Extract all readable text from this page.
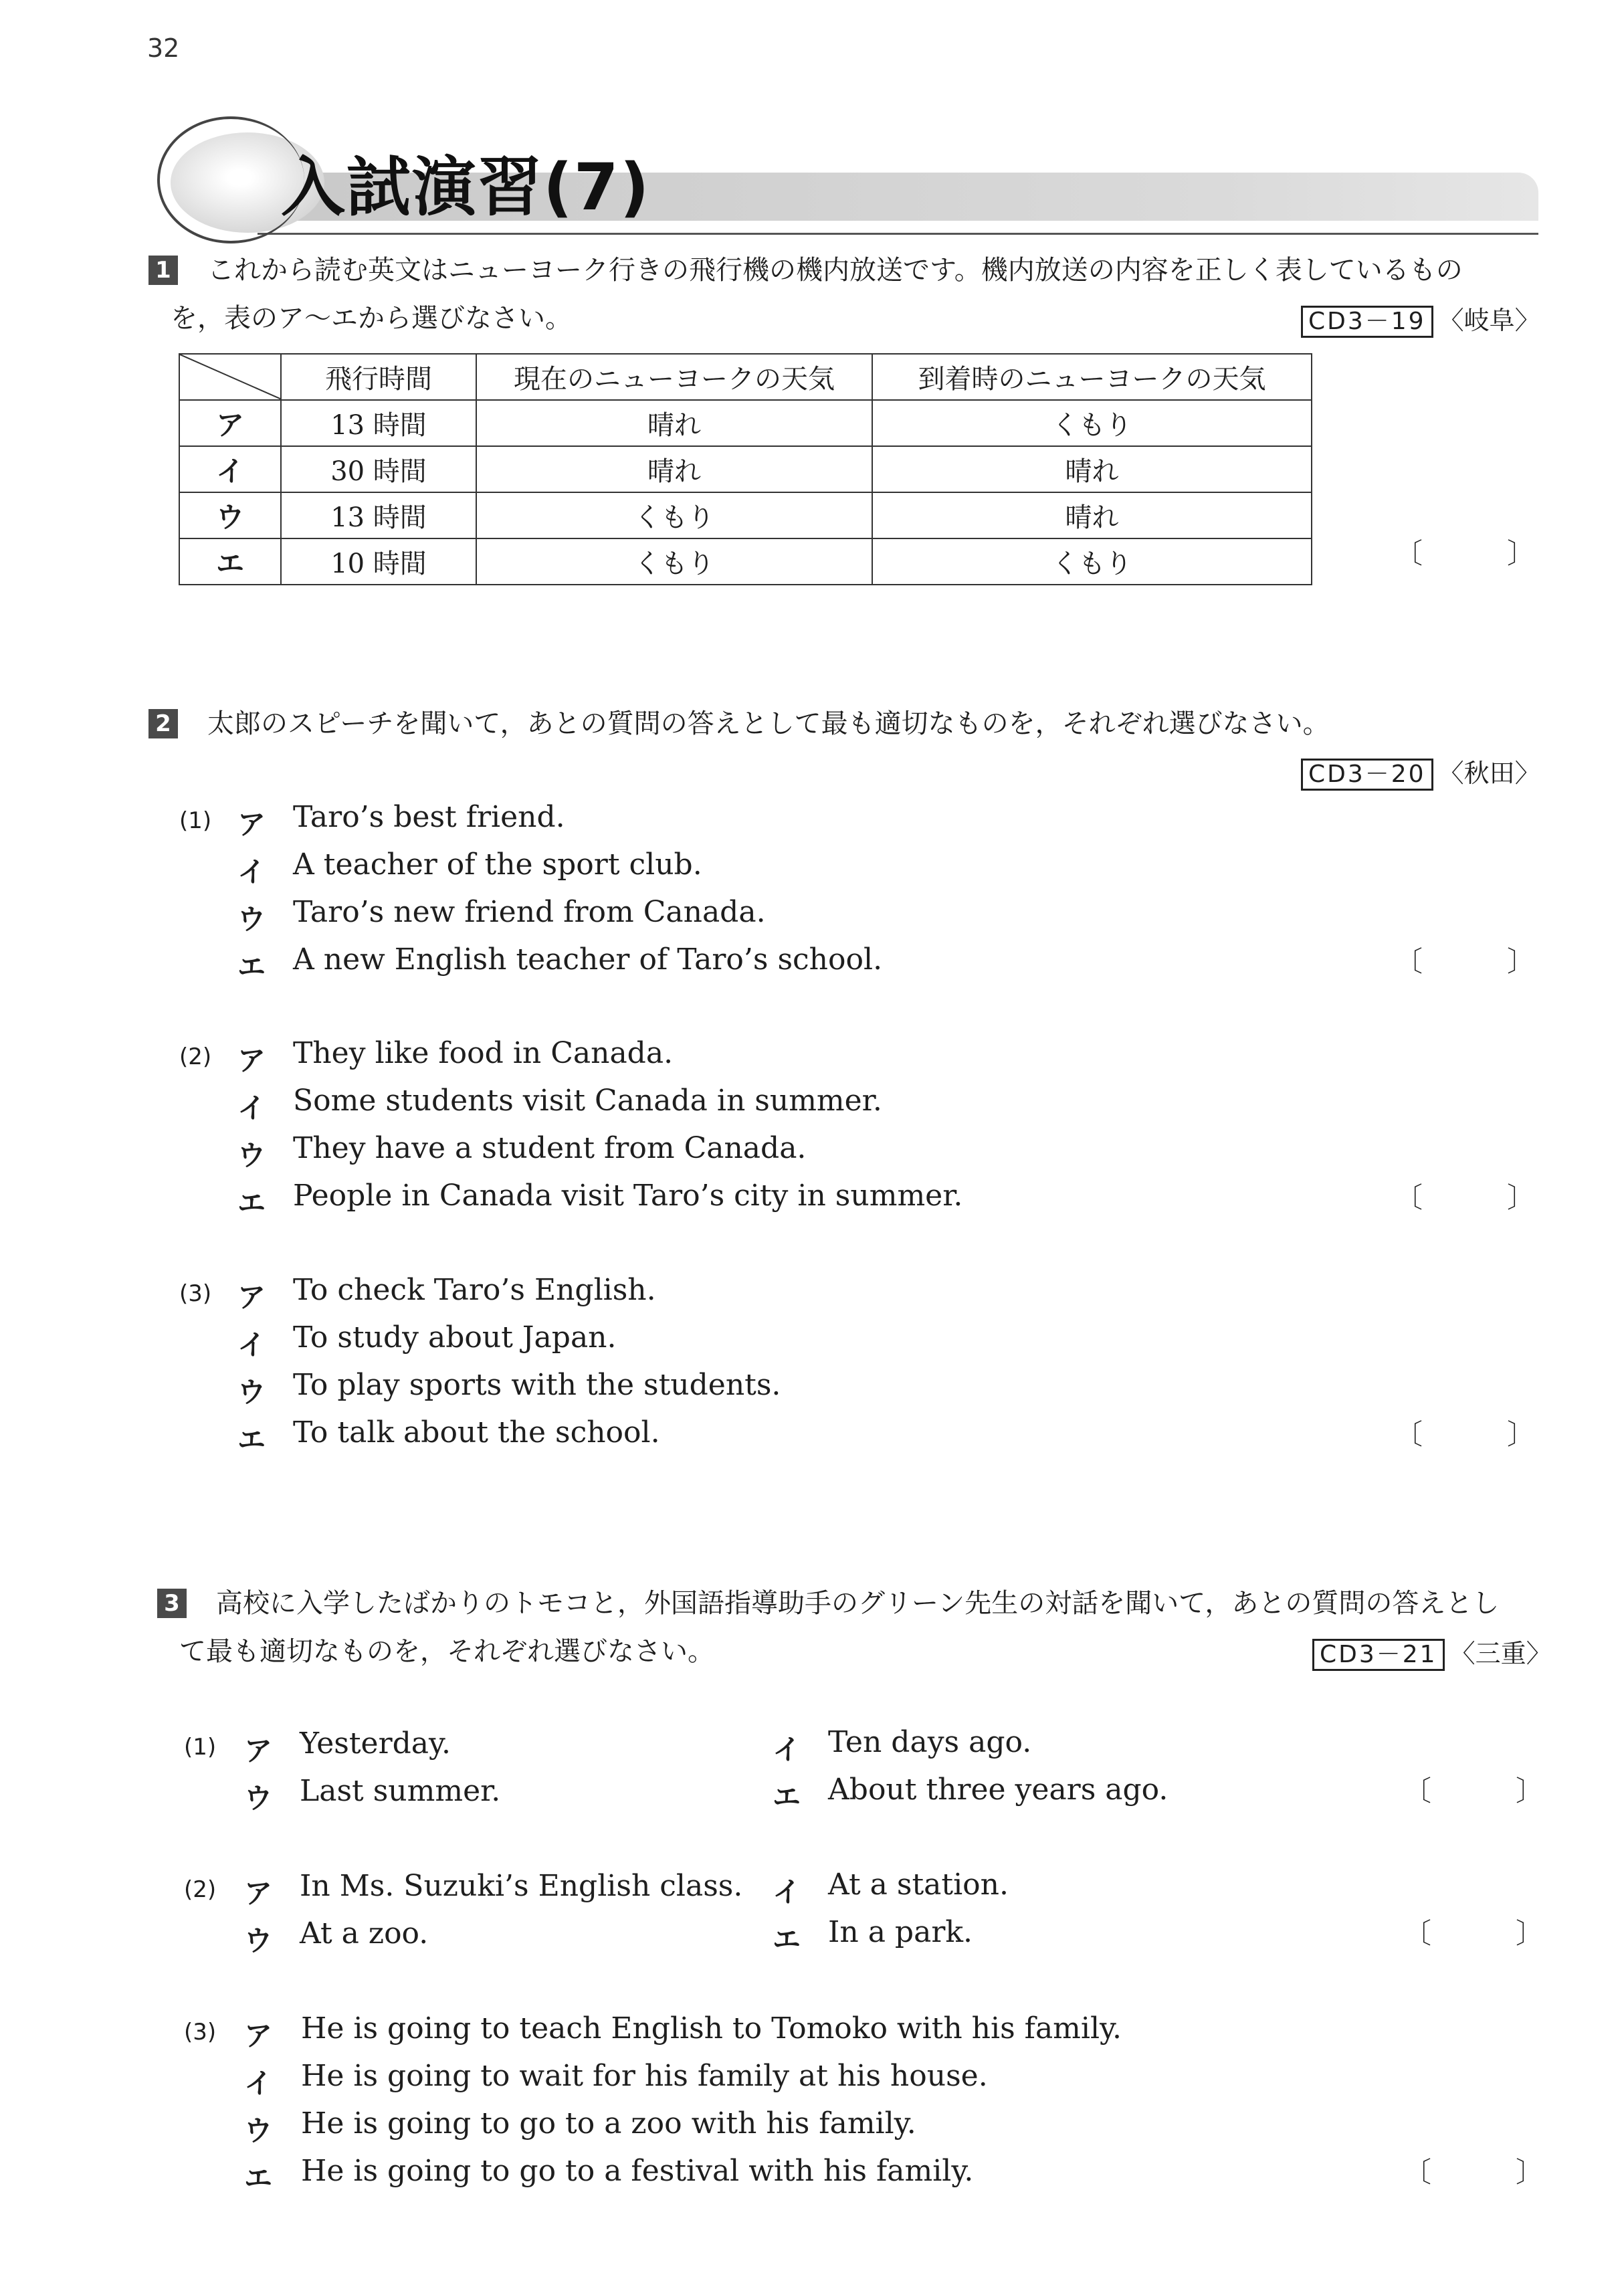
32
入試演習(7)
1 これから読む英文はニューヨーク行きの飛行機の機内放送です。機内放送の内容を正しく表しているもの
を，表のア～エから選びなさい。	CD3－19 〈岐阜〉
	飛行時間	現在のニューヨークの天気	到着時のニューヨークの天気
ア	13 時間	晴れ	くもり
イ	30 時間	晴れ	晴れ
ウ	13 時間	くもり	晴れ
エ	10 時間	くもり	くもり	〔　　　〕
2 太郎のスピーチを聞いて，あとの質問の答えとして最も適切なものを，それぞれ選びなさい。
CD3－20 〈秋田〉
(1) ア Taro’s best friend.
イ A teacher of the sport club.
ウ Taro’s new friend from Canada.
エ A new English teacher of Taro’s school.	〔　　　〕
(2) ア They like food in Canada.
イ Some students visit Canada in summer.
ウ They have a student from Canada.
エ People in Canada visit Taro’s city in summer.	〔　　　〕
(3) ア To check Taro’s English.
イ To study about Japan.
ウ To play sports with the students.
エ To talk about the school.	〔　　　〕
3 高校に入学したばかりのトモコと，外国語指導助手のグリーン先生の対話を聞いて，あとの質問の答えとし
て最も適切なものを，それぞれ選びなさい。	CD3－21 〈三重〉
(1) ア Yesterday.	イ Ten days ago.
ウ Last summer.	エ About three years ago.	〔　　　〕
(2) ア In Ms. Suzuki’s English class. イ At a station.
ウ At a zoo.	エ In a park.	〔　　　〕
(3) ア He is going to teach English to Tomoko with his family.
イ He is going to wait for his family at his house.
ウ He is going to go to a zoo with his family.
エ He is going to go to a festival with his family.	〔　　　〕
